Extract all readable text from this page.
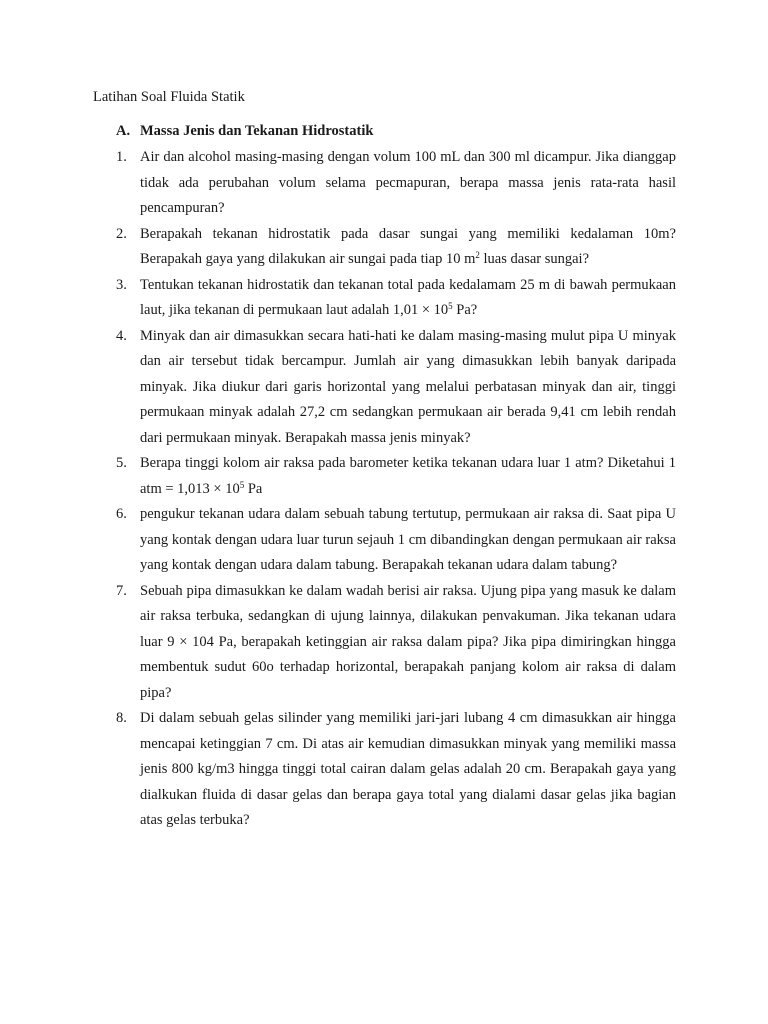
Latihan Soal Fluida Statik
A. Massa Jenis dan Tekanan Hidrostatik
1. Air dan alcohol masing-masing dengan volum 100 mL dan 300 ml dicampur. Jika dianggap tidak ada perubahan volum selama pecmapuran, berapa massa jenis rata-rata hasil pencampuran?
2. Berapakah tekanan hidrostatik pada dasar sungai yang memiliki kedalaman 10m? Berapakah gaya yang dilakukan air sungai pada tiap 10 $m^2$ luas dasar sungai?
3. Tentukan tekanan hidrostatik dan tekanan total pada kedalamam 25 m di bawah permukaan laut, jika tekanan di permukaan laut adalah $1,01 \times 10^5$ Pa?
4. Minyak dan air dimasukkan secara hati-hati ke dalam masing-masing mulut pipa U minyak dan air tersebut tidak bercampur. Jumlah air yang dimasukkan lebih banyak daripada minyak. Jika diukur dari garis horizontal yang melalui perbatasan minyak dan air, tinggi permukaan minyak adalah 27,2 cm sedangkan permukaan air berada 9,41 cm lebih rendah dari permukaan minyak. Berapakah massa jenis minyak?
5. Berapa tinggi kolom air raksa pada barometer ketika tekanan udara luar 1 atm? Diketahui 1 atm = $1,013 \times 10^5$ Pa
6. pengukur tekanan udara dalam sebuah tabung tertutup, permukaan air raksa di. Saat pipa U yang kontak dengan udara luar turun sejauh 1 cm dibandingkan dengan permukaan air raksa yang kontak dengan udara dalam tabung. Berapakah tekanan udara dalam tabung?
7. Sebuah pipa dimasukkan ke dalam wadah berisi air raksa. Ujung pipa yang masuk ke dalam air raksa terbuka, sedangkan di ujung lainnya, dilakukan penvakuman. Jika tekanan udara luar 9 × 104 Pa, berapakah ketinggian air raksa dalam pipa? Jika pipa dimiringkan hingga membentuk sudut 60o terhadap horizontal, berapakah panjang kolom air raksa di dalam pipa?
8. Di dalam sebuah gelas silinder yang memiliki jari-jari lubang 4 cm dimasukkan air hingga mencapai ketinggian 7 cm. Di atas air kemudian dimasukkan minyak yang memiliki massa jenis 800 kg/m3 hingga tinggi total cairan dalam gelas adalah 20 cm. Berapakah gaya yang dialkukan fluida di dasar gelas dan berapa gaya total yang dialami dasar gelas jika bagian atas gelas terbuka?
